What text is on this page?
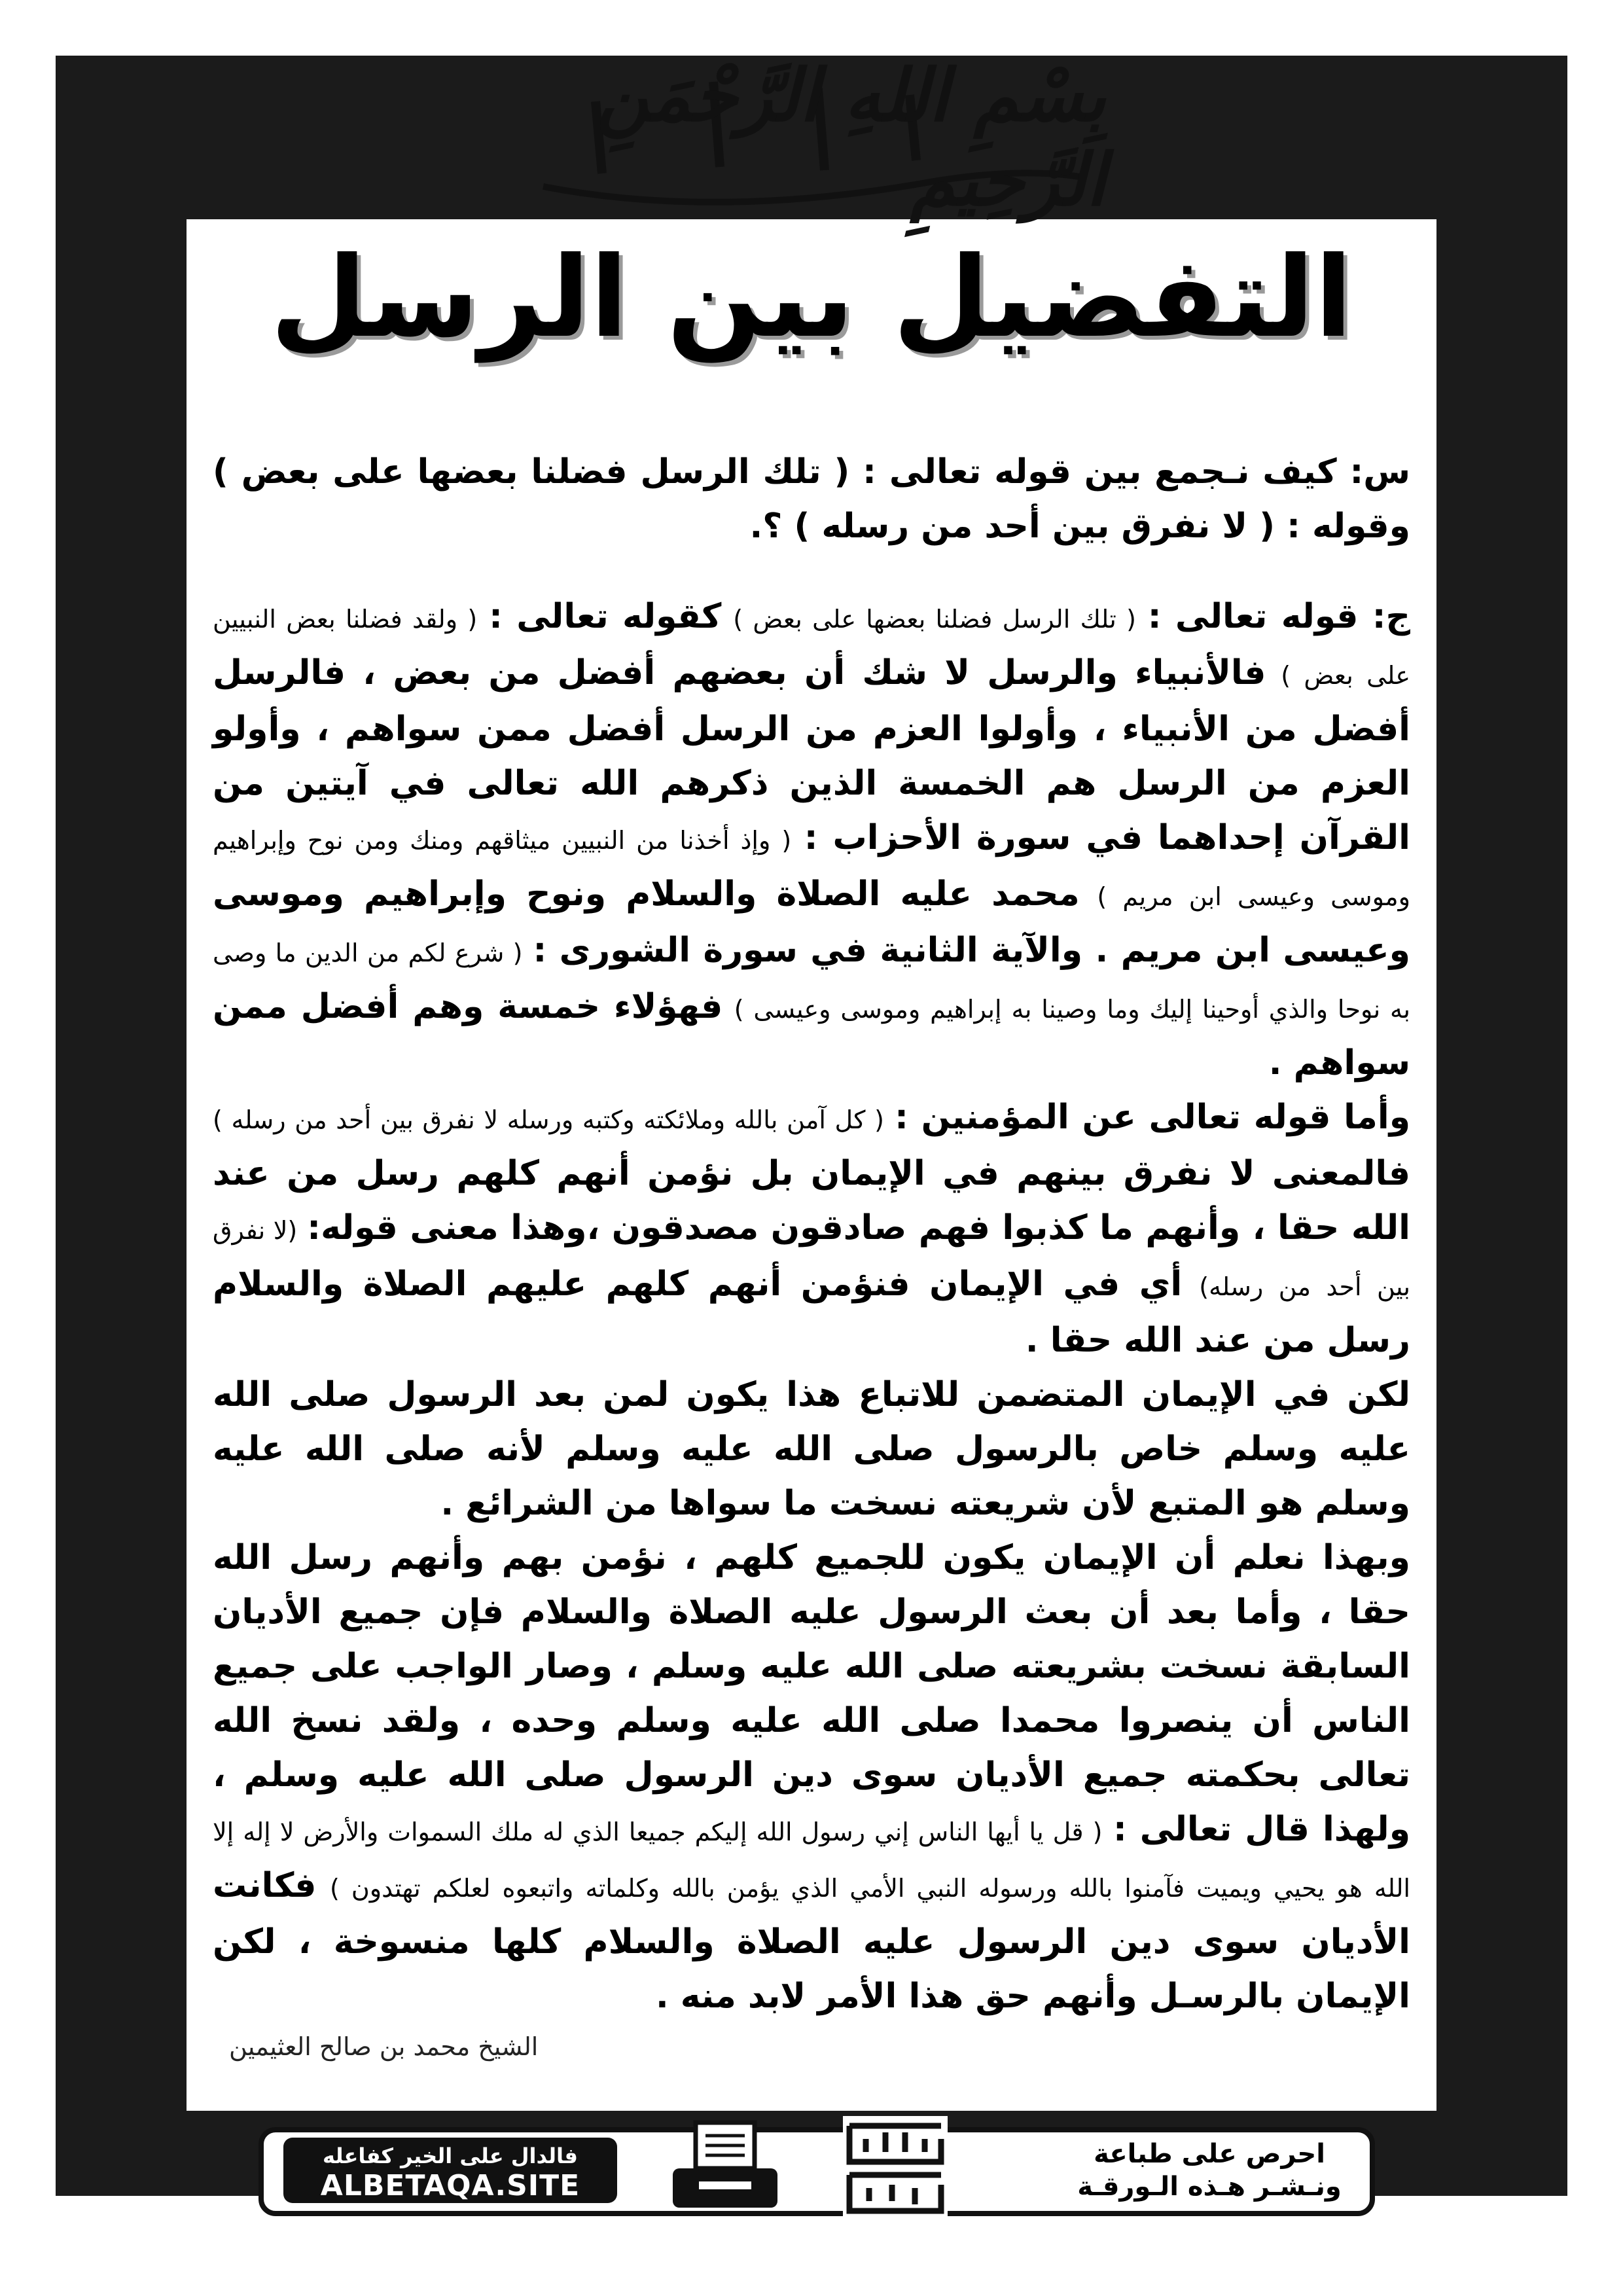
بِسْمِ اللهِ الرَّحْمَنِ الرَّحِيمِ
التفضيل بين الرسل

س: كيف نـجمع بين قوله تعالى : ( تلك الرسل فضلنا بعضها على بعض ) وقوله : ( لا نفرق بين أحد من رسله ) ؟.

ج: قوله تعالى : ( تلك الرسل فضلنا بعضها على بعض ) كقوله تعالى : ( ولقد فضلنا بعض النبيين على بعض ) فالأنبياء والرسل لا شك أن بعضهم أفضل من بعض ، فالرسل أفضل من الأنبياء ، وأولوا العزم من الرسل أفضل ممن سواهم ، وأولو العزم من الرسل هم الخمسة الذين ذكرهم الله تعالى في آيتين من القرآن إحداهما في سورة الأحزاب : ( وإذ أخذنا من النبيين ميثاقهم ومنك ومن نوح وإبراهيم وموسى وعيسى ابن مريم ) محمد عليه الصلاة والسلام ونوح وإبراهيم وموسى وعيسى ابن مريم . والآية الثانية في سورة الشورى : ( شرع لكم من الدين ما وصى به نوحا والذي أوحينا إليك وما وصينا به إبراهيم وموسى وعيسى ) فهؤلاء خمسة وهم أفضل ممن سواهم .

وأما قوله تعالى عن المؤمنين : ( كل آمن بالله وملائكته وكتبه ورسله لا نفرق بين أحد من رسله ) فالمعنى لا نفرق بينهم في الإيمان بل نؤمن أنهم كلهم رسل من عند الله حقا ، وأنهم ما كذبوا فهم صادقون مصدقون ،وهذا معنى قوله: (لا نفرق بين أحد من رسله) أي في الإيمان فنؤمن أنهم كلهم عليهم الصلاة والسلام رسل من عند الله حقا .

لكن في الإيمان المتضمن للاتباع هذا يكون لمن بعد الرسول صلى الله عليه وسلم خاص بالرسول صلى الله عليه وسلم لأنه صلى الله عليه وسلم هو المتبع لأن شريعته نسخت ما سواها من الشرائع .

وبهذا نعلم أن الإيمان يكون للجميع كلهم ، نؤمن بهم وأنهم رسل الله حقا ، وأما بعد أن بعث الرسول عليه الصلاة والسلام فإن جميع الأديان السابقة نسخت بشريعته صلى الله عليه وسلم ، وصار الواجب على جميع الناس أن ينصروا محمدا صلى الله عليه وسلم وحده ، ولقد نسخ الله تعالى بحكمته جميع الأديان سوى دين الرسول صلى الله عليه وسلم ، ولهذا قال تعالى : ( قل يا أيها الناس إني رسول الله إليكم جميعا الذي له ملك السموات والأرض لا إله إلا الله هو يحيي ويميت فآمنوا بالله ورسوله النبي الأمي الذي يؤمن بالله وكلماته واتبعوه لعلكم تهتدون ) فكانت الأديان سوى دين الرسول عليه الصلاة والسلام كلها منسوخة ، لكن الإيمان بالرسـل وأنهم حق هذا الأمر لابد منه .

الشيخ محمد بن صالح العثيمين
فالدال على الخير كفاعله
ALBETAQA.SITE
دعوة الورقة
احرص على طباعة
ونـشـر هـذه الـورقـة
